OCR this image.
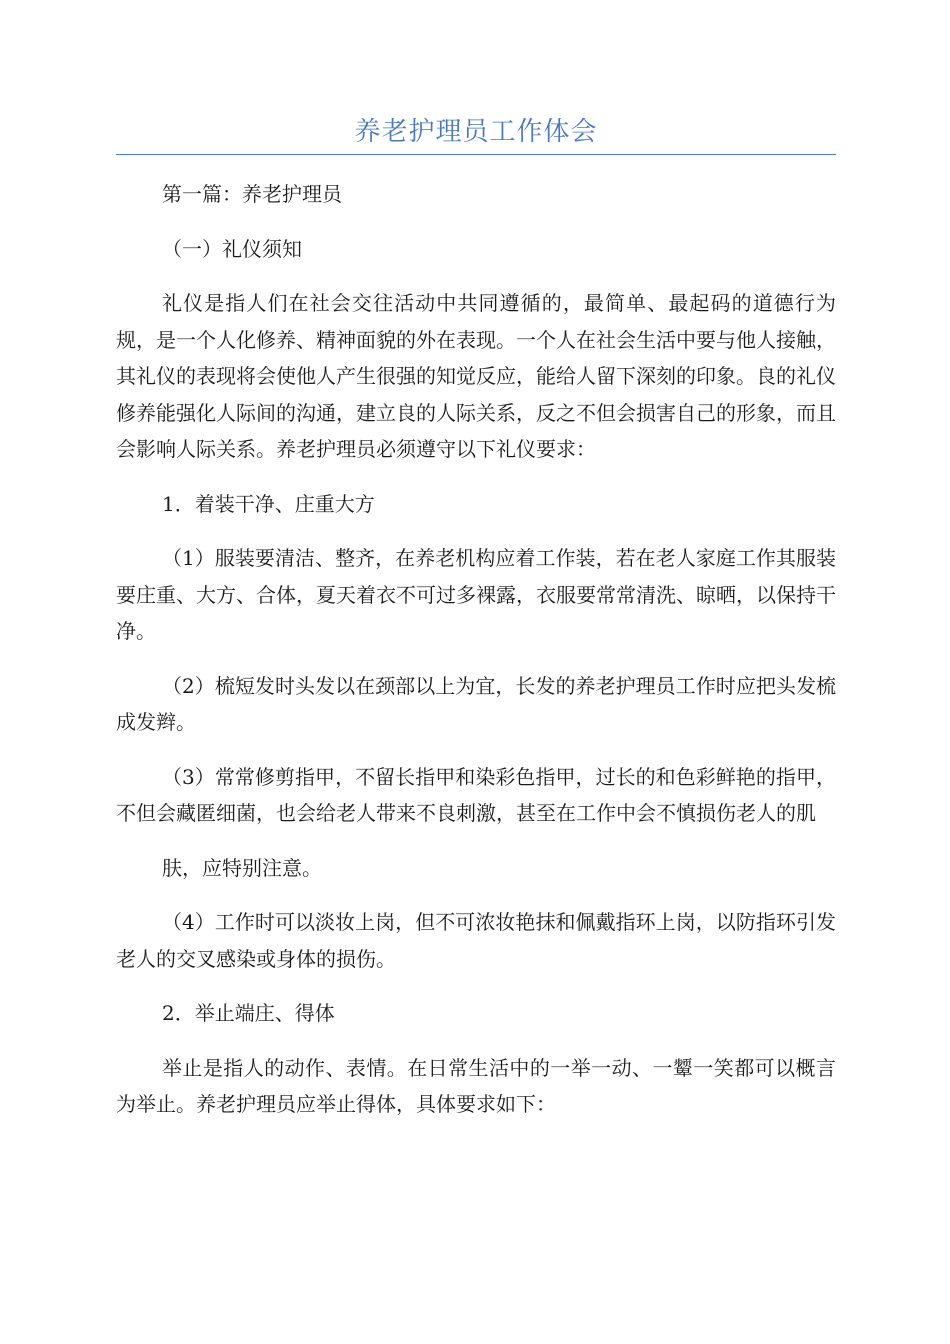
养老护理员工作体会

第一篇：养老护理员

（一）礼仪须知

礼仪是指人们在社会交往活动中共同遵循的，最简单、最起码的道德行为规，是一个人化修养、精神面貌的外在表现。一个人在社会生活中要与他人接触，其礼仪的表现将会使他人产生很强的知觉反应，能给人留下深刻的印象。良的礼仪修养能强化人际间的沟通，建立良的人际关系，反之不但会损害自己的形象，而且会影响人际关系。养老护理员必须遵守以下礼仪要求：

1．着装干净、庄重大方

（1）服装要清洁、整齐，在养老机构应着工作装，若在老人家庭工作其服装要庄重、大方、合体，夏天着衣不可过多裸露，衣服要常常清洗、晾晒，以保持干净。

（2）梳短发时头发以在颈部以上为宜，长发的养老护理员工作时应把头发梳成发辫。

（3）常常修剪指甲，不留长指甲和染彩色指甲，过长的和色彩鲜艳的指甲，不但会藏匿细菌，也会给老人带来不良刺激，甚至在工作中会不慎损伤老人的肌

肤，应特别注意。

（4）工作时可以淡妆上岗，但不可浓妆艳抹和佩戴指环上岗，以防指环引发老人的交叉感染或身体的损伤。

2．举止端庄、得体

举止是指人的动作、表情。在日常生活中的一举一动、一颦一笑都可以概言为举止。养老护理员应举止得体，具体要求如下：
